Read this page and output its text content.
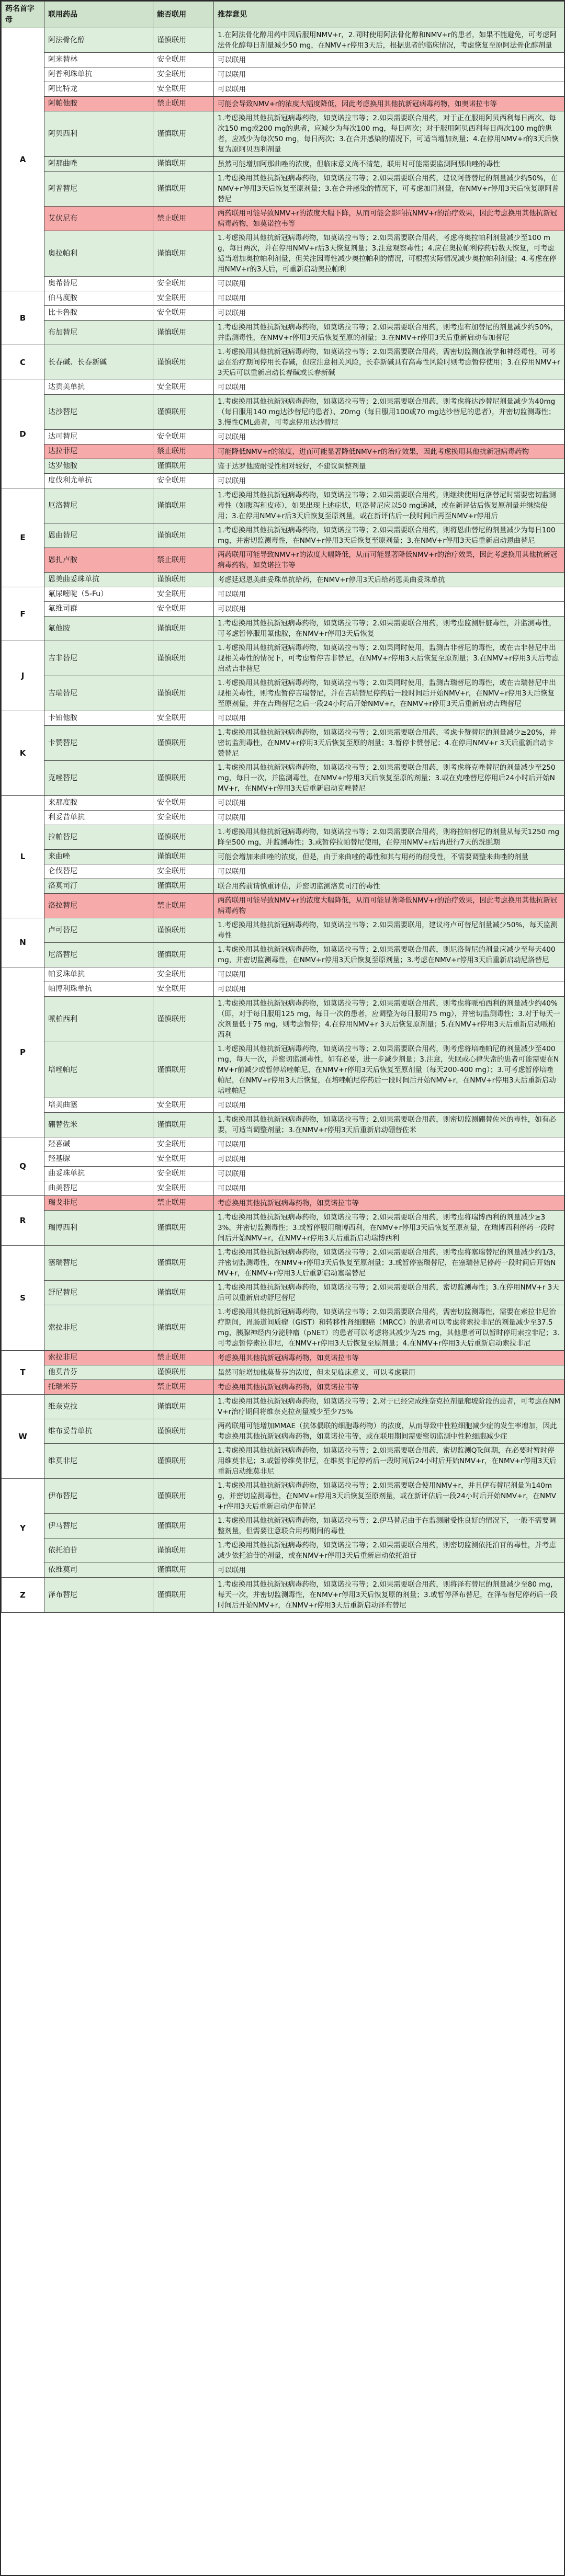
药名首字母	联用药品	能否联用	推荐意见
A	阿法骨化醇	谨慎联用	1.在阿法骨化醇用药中因后服用NMV+r，2.同时使用阿法骨化醇和NMV+r的患者，如果不能避免，可考虑阿法骨化醇每日剂量减少50 mg，在NMV+r停用3天后，根据患者的临床情况，考虑恢复至原阿法骨化醇剂量
	阿米替林	安全联用	可以联用
	阿普利珠单抗	安全联用	可以联用
	阿比特龙	安全联用	可以联用
	阿帕他胺	禁止联用	可能会导致NMV+r的浓度大幅度降低，因此考虑换用其他抗新冠病毒药物，如奥诺拉韦等
	阿贝西利	谨慎联用	1.考虑换用其他抗新冠病毒药物，如莫诺拉韦等；2.如果需要联合用药，对于正在服用阿贝西利每日两次、每次150 mg或200 mg的患者，应减少为每次100 mg，每日两次；对于服用阿贝西利每日两次100 mg的患者，应减少为每次50 mg，每日两次；3.在合并感染的情况下，可适当增加剂量；4.在停用NMV+r的3天后恢复为原阿贝西利剂量
	阿那曲唑	谨慎联用	虽然可能增加阿那曲唑的浓度，但临床意义尚不清楚，联用时可能需要监测阿那曲唑的毒性
	阿普替尼	谨慎联用	1.考虑换用其他抗新冠病毒药物，如莫诺拉韦等；2.如果需要联合用药，建议阿普替尼的剂量减少约50%，在NMV+r停用3天后恢复至原剂量；3.在合并感染的情况下，可考虑加用剂量，在NMV+r停用3天后恢复原阿普替尼
	艾伏尼布	禁止联用	两药联用可能导致NMV+r的浓度大幅下降，从而可能会影响抗NMV+r的治疗效果，因此考虑换用其他抗新冠病毒药物，如莫诺拉韦等
	奥拉帕利	谨慎联用	1.考虑换用其他抗新冠病毒药物，如莫诺拉韦等；2.如果需要联合用药，考虑将奥拉帕利剂量减少至100 mg，每日两次，并在停用NMV+r后3天恢复剂量；3.注意观察毒性；4.应在奥拉帕利停药后数天恢复，可考虑适当增加奥拉帕利剂量，但关注因毒性减少奥拉帕利的情况，可根据实际情况减少奥拉帕利剂量；4.考虑在停用NMV+r的3天后，可重新启动奥拉帕利
	奥希替尼	安全联用	可以联用
B	伯马度胺	安全联用	可以联用
	比卡鲁胺	安全联用	可以联用
	布加替尼	谨慎联用	1.考虑换用其他抗新冠病毒药物，如莫诺拉韦等；2.如果需要联合用药，则考虑布加替尼的剂量减少约50%，并监测毒性，在NMV+r停用3天后恢复至原的剂量；3.在NMV+r停用3天后重新启动布加替尼
C	长春碱、长春新碱	谨慎联用	1.考虑换用其他抗新冠病毒药物，如莫诺拉韦等；2.如果需要联合用药，需密切监测血液学和神经毒性，可考虑在治疗期间停用长春碱，但应注意相关风险，长春新碱具有高毒性风险时则考虑暂停使用；3.在停用NMV+r 3天后可以重新启动长春碱或长春新碱
D	达贡美单抗	安全联用	可以联用
	达沙替尼	谨慎联用	1.考虑换用其他抗新冠病毒药物，如莫诺拉韦等；2.如果需要联合用药，则考虑将达沙替尼剂量减少为40mg（每日服用140 mg达沙替尼的患者）、20mg（每日服用100或70 mg达沙替尼的患者），并密切监测毒性；3.慢性CML患者，可考虑停用达沙替尼
	达可替尼	安全联用	可以联用
	达拉菲尼	禁止联用	可能降低NMV+r的浓度，进而可能显著降低NMV+r的治疗效果，因此考虑换用其他抗新冠病毒药物
	达罗他胺	谨慎联用	鉴于达罗他胺耐受性相对较好，不建议调整剂量
	度伐利尤单抗	安全联用	可以联用
E	厄洛替尼	谨慎联用	1.考虑换用其他抗新冠病毒药物，如莫诺拉韦等；2.如果需要联合用药，则继续使用厄洛替尼时需要密切监测毒性（如腹泻和皮疹），如果出现上述症状，厄洛替尼应以50 mg递减，或在新评估后恢复原剂量并继续使用；3.在停用NMV+r后3天后恢复至原剂量，或在新评估后一段时间后再至NMV+r停用后
	恩曲替尼	谨慎联用	1.考虑换用其他抗新冠病毒药物，如莫诺拉韦等；2.如果需要联合用药，则将恩曲替尼的剂量减少为每日100 mg，并密切监测毒性，在NMV+r停用3天后恢复至原剂量；3.在NMV+r停用3天后重新启动恩曲替尼
	恩扎卢胺	禁止联用	两药联用可能导致NMV+r的浓度大幅降低，从而可能显著降低NMV+r的治疗效果，因此考虑换用其他抗新冠病毒药物，如莫诺拉韦等
	恩美曲妥珠单抗	谨慎联用	考虑延迟恩美曲妥珠单抗给药，在NMV+r停用3天后给药恩美曲妥珠单抗
F	氟尿嘧啶（5-Fu）	安全联用	可以联用
	氟维司群	安全联用	可以联用
	氟他胺	谨慎联用	1.考虑换用其他抗新冠病毒药物，如莫诺拉韦等；2.如果需要联合用药，则考虑监测肝脏毒性，并监测毒性，可考虑暂停服用氟他胺，在NMV+r停用3天后恢复
J	吉非替尼	谨慎联用	1.考虑换用其他抗新冠病毒药物，如莫诺拉韦等；2.如果同时使用，监测吉非替尼的毒性，或在吉非替尼中出现相关毒性的情况下，可考虑暂停吉非替尼，在NMV+r停用3天后恢复至原剂量；3.在NMV+r停用3天后考虑启动吉非替尼
	吉瑞替尼	谨慎联用	1.考虑换用其他抗新冠病毒药物，如莫诺拉韦等；2.如果同时使用，监测吉瑞替尼的毒性，或在吉瑞替尼中出现相关毒性，则考虑暂停吉瑞替尼，并在吉瑞替尼停药后一段时间后开始NMV+r，在NMV+r停用3天后恢复至原剂量，并在吉瑞替尼之后一段24小时后开始NMV+r，在NMV+r停用3天后重新启动吉瑞替尼
K	卡铂他胺	安全联用	可以联用
	卡赞替尼	谨慎联用	1.考虑换用其他抗新冠病毒药物，如莫诺拉韦等；2.如果需要联合用药，考虑卡赞替尼的剂量减少≥20%，并密切监测毒性，在NMV+r停用3天后恢复至原的剂量；3.暂停卡赞替尼；4.在停用NMV+r 3天后重新启动卡赞替尼
	克唑替尼	谨慎联用	1.考虑换用其他抗新冠病毒药物，如莫诺拉韦等；2.如果需要联合用药，则考虑将克唑替尼的剂量减少至250 mg，每日一次，并监测毒性，在NMV+r停用3天后恢复至原的剂量；3.或在克唑替尼停用后24小时后开始NMV+r，在NMV+r停用3天后重新启动克唑替尼
L	来那度胺	安全联用	可以联用
	利妥昔单抗	安全联用	可以联用
	拉帕替尼	谨慎联用	1.考虑换用其他抗新冠病毒药物，如莫诺拉韦等；2.如果需要联合用药，则将拉帕替尼的剂量从每天1250 mg降至500 mg，并监测毒性；3.或暂停拉帕替尼使用，在停用NMV+r后再进行7天的洗脱期
	来曲唑	谨慎联用	可能会增加来曲唑的浓度，但是，由于来曲唑的毒性和其与用药的耐受性，不需要调整来曲唑的剂量
	仑伐替尼	安全联用	可以联用
	洛莫司汀	谨慎联用	联合用药前请慎重评估，并密切监测洛莫司汀的毒性
	洛拉替尼	禁止联用	两药联用可能导致NMV+r的浓度大幅降低，从而可能显著降低NMV+r的治疗效果，因此考虑换用其他抗新冠病毒药物
N	卢可替尼	谨慎联用	1.考虑换用其他抗新冠病毒药物，如莫诺拉韦等；2.如果需要联用，建议将卢可替尼剂量减少50%，每天监测毒性
	尼洛替尼	谨慎联用	1.考虑换用其他抗新冠病毒药物，如莫诺拉韦等；2.如果需要联合用药，则尼洛替尼的剂量应减少至每天400 mg，并密切监测毒性，在NMV+r停用3天后恢复至原剂量；3.考虑在NMV+r停用3天后重新启动尼洛替尼
P	帕妥珠单抗	安全联用	可以联用
	帕博利珠单抗	安全联用	可以联用
	哌柏西利	谨慎联用	1.考虑换用其他抗新冠病毒药物，如莫诺拉韦等；2.如果需要联合用药，则考虑将哌柏西利的剂量减少约40%（即，对于每日服用125 mg，每日一次的患者，应调整为每日服用75 mg），并密切监测毒性；3.对于每天一次剂量低于75 mg，则考虑暂停；4.在停用NMV+r 3天后恢复原剂量；5.在NMV+r停用3天后重新启动哌柏西利
	培唑帕尼	谨慎联用	1.考虑换用其他抗新冠病毒药物，如莫诺拉韦等；2.如果需要联合用药，则考虑将培唑帕尼的剂量减少至400 mg，每天一次，并密切监测毒性，如有必要，进一步减少剂量；3.注意，失眠或心律失常的患者可能需要在NMV+r前减少或暂停培唑帕尼，在NMV+r停用3天后恢复至原剂量（每天200-400 mg）；3.可考虑暂停培唑帕尼，在NMV+r停用3天后恢复，在培唑帕尼停药后一段时间后开始NMV+r，在NMV+r停用3天后重新启动培唑帕尼
	培美曲塞	安全联用	可以联用
	硼替佐米	谨慎联用	1.考虑换用其他抗新冠病毒药物，如莫诺拉韦等；2.如果需要联合用药，则密切监测硼替佐米的毒性，如有必要，可适当调整剂量；3.在NMV+r停用3天后重新启动硼替佐米
Q	羟喜碱	安全联用	可以联用
	羟基脲	安全联用	可以联用
	曲妥珠单抗	安全联用	可以联用
	曲美替尼	安全联用	可以联用
R	瑞戈非尼	禁止联用	考虑换用其他抗新冠病毒药物，如莫诺拉韦等
	瑞博西利	谨慎联用	1.考虑换用其他抗新冠病毒药物，如莫诺拉韦等；2.如果需要联合用药，则考虑将瑞博西利的剂量减少≥33%，并密切监测毒性；3.或暂停服用瑞博西利，在NMV+r停用3天后恢复至原剂量，在瑞博西利停药一段时间后开始NMV+r，在NMV+r停用3天后重新启动瑞博西利
S	塞瑞替尼	谨慎联用	1.考虑换用其他抗新冠病毒药物，如莫诺拉韦等；2.如果需要联合用药，则考虑将塞瑞替尼的剂量减少约1/3，并密切监测毒性，在NMV+r停用3天后恢复至原剂量；3.或暂停塞瑞替尼，在塞瑞替尼停药一段时间后开始NMV+r，在NMV+r停用3天后重新启动塞瑞替尼
	舒尼替尼	谨慎联用	1.考虑换用其他抗新冠病毒药物，如莫诺拉韦等；2.如果需要联合用药，密切监测毒性；3.在停用NMV+r 3天后可以重新启动舒尼替尼
	索拉非尼	谨慎联用	1.考虑换用其他抗新冠病毒药物，如莫诺拉韦等；2.如果需要联合用药，需密切监测毒性，需要在索拉非尼治疗期间，胃肠道间质瘤（GIST）和转移性肾细胞癌（MRCC）的患者可以考虑将索拉非尼的剂量减少至37.5 mg，胰腺神经内分泌肿瘤（pNET）的患者可以考虑将其减少为25 mg，其他患者可以暂时停用索拉非尼；3.可考虑暂停索拉非尼，在NMV+r停用3天后恢复至原剂量；4.在NMV+r停用3天后重新启动索拉非尼
T	索拉非尼	禁止联用	考虑换用其他抗新冠病毒药物，如莫诺拉韦等
	他莫昔芬	谨慎联用	虽然可能增加他莫昔芬的浓度，但未见临床意义，可以考虑联用
	托瑞米芬	禁止联用	考虑换用其他抗新冠病毒药物，如莫诺拉韦等
W	维奈克拉	谨慎联用	1.考虑换用其他抗新冠病毒药物，如莫诺拉韦等；2.对于已经完成维奈克拉剂量爬坡阶段的患者，可考虑在NMV+r治疗期间将维奈克拉剂量减少至少75%
	维布妥昔单抗	谨慎联用	两药联用可能增加MMAE（抗体偶联的细胞毒药物）的浓度，从而导致中性粒细胞减少症的发生率增加，因此考虑换用其他抗新冠病毒药物，如莫诺拉韦等，或在联用期间需要密切监测中性粒细胞减少症
	维莫非尼	谨慎联用	1.考虑换用其他抗新冠病毒药物，如莫诺拉韦等；2.如果需要联合用药，密切监测QTc间期，在必要时暂时停用维莫非尼；3.或暂停维莫非尼，在维莫非尼停药后一段时间后24小时后开始NMV+r，在NMV+r停用3天后重新启动维莫非尼
Y	伊布替尼	谨慎联用	1.考虑换用其他抗新冠病毒药物，如莫诺拉韦等；2.如果需要联合使用NMV+r，并且伊布替尼剂量为140mg，并密切监测毒性，在NMV+r停用3天后恢复至原剂量，或在新评估后一段24小时后开始NMV+r，在NMV+r停用3天后重新启动伊布替尼
	伊马替尼	谨慎联用	1.考虑换用其他抗新冠病毒药物，如莫诺拉韦等；2.伊马替尼由于在监测耐受性良好的情况下，一般不需要调整剂量，但需要注意联合用药期间的毒性
	依托泊苷	谨慎联用	1.考虑换用其他抗新冠病毒药物，如莫诺拉韦等；2.如果需要联合用药，则密切监测依托泊苷的毒性，并考虑减少依托泊苷的剂量，或在NMV+r停用3天后重新启动依托泊苷
	依维莫司	谨慎联用	可以联用
Z	泽布替尼	谨慎联用	1.考虑换用其他抗新冠病毒药物，如莫诺拉韦等；2.如果需要联合用药，则将泽布替尼的剂量减少至80 mg，每天一次，并密切监测毒性，在NMV+r停用3天后恢复原的剂量；3.或暂停泽布替尼，在泽布替尼停药后一段时间后开始NMV+r，在NMV+r停用3天后重新启动泽布替尼
